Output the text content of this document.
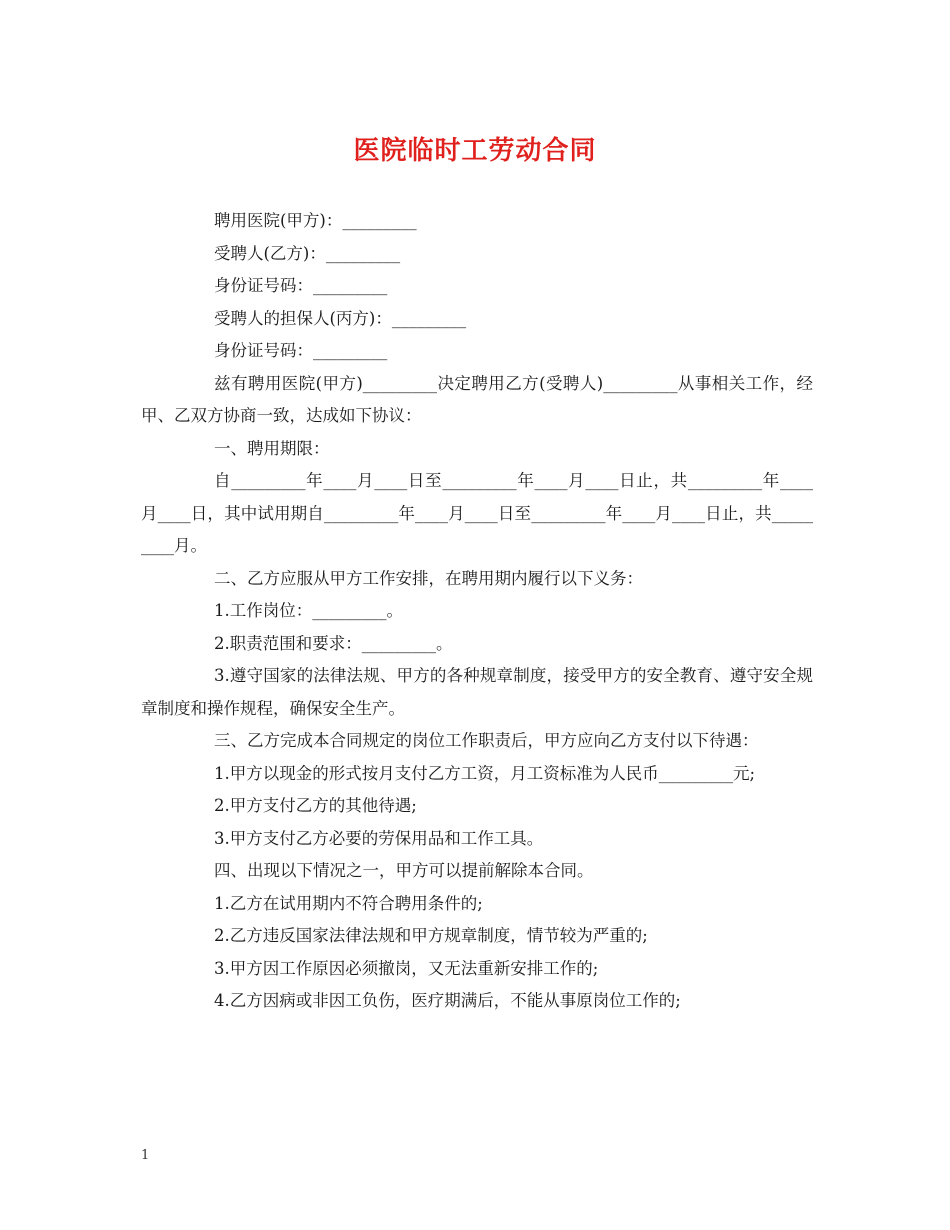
医院临时工劳动合同

聘用医院(甲方)：_________

受聘人(乙方)：_________

身份证号码：_________

受聘人的担保人(丙方)：_________

身份证号码：_________

兹有聘用医院(甲方)_________决定聘用乙方(受聘人)_________从事相关工作，经甲、乙双方协商一致，达成如下协议：

一、聘用期限：

自_________年____月____日至_________年____月____日止，共_________年____月____日，其中试用期自_________年____月____日至_________年____月____日止，共_________月。

二、乙方应服从甲方工作安排，在聘用期内履行以下义务：

1.工作岗位：_________。

2.职责范围和要求：_________。

3.遵守国家的法律法规、甲方的各种规章制度，接受甲方的安全教育、遵守安全规章制度和操作规程，确保安全生产。

三、乙方完成本合同规定的岗位工作职责后，甲方应向乙方支付以下待遇：

1.甲方以现金的形式按月支付乙方工资，月工资标准为人民币_________元;

2.甲方支付乙方的其他待遇;

3.甲方支付乙方必要的劳保用品和工作工具。

四、出现以下情况之一，甲方可以提前解除本合同。

1.乙方在试用期内不符合聘用条件的;

2.乙方违反国家法律法规和甲方规章制度，情节较为严重的;

3.甲方因工作原因必须撤岗，又无法重新安排工作的;

4.乙方因病或非因工负伤，医疗期满后，不能从事原岗位工作的;

1
